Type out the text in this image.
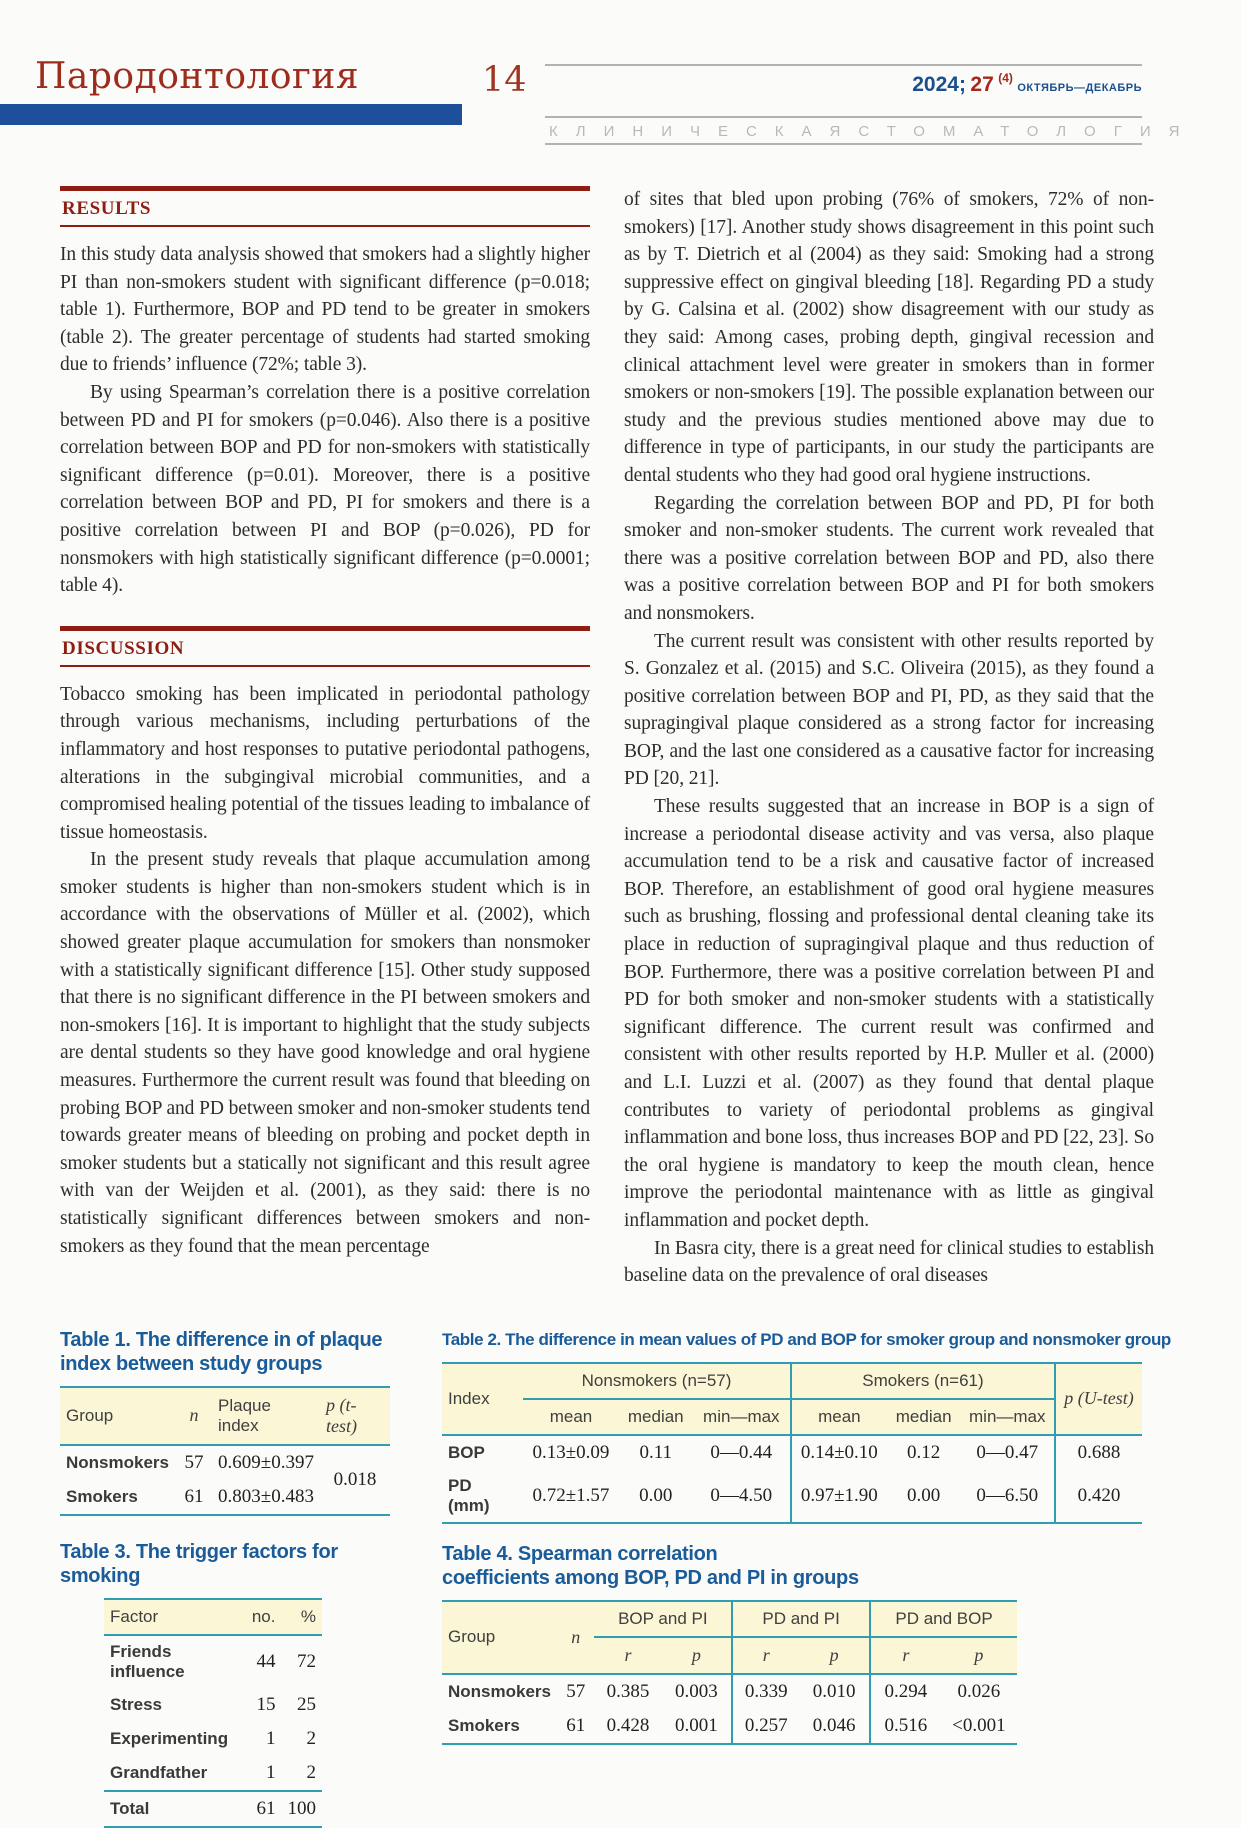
Пародонтология	14	2024; 27 $^{(4)}$ ОКТЯБРЬ—ДЕКАБРЬ
КЛИНИЧЕСКАЯ СТОМАТОЛОГИЯ
RESULTS

In this study data analysis showed that smokers had a slightly higher PI than non-smokers student with significant difference (p=0.018; table 1). Furthermore, BOP and PD tend to be greater in smokers (table 2). The greater percentage of students had started smoking due to friends’ influence (72%; table 3).

By using Spearman’s correlation there is a positive correlation between PD and PI for smokers (p=0.046). Also there is a positive correlation between BOP and PD for non-smokers with statistically significant difference (p=0.01). Moreover, there is a positive correlation between BOP and PD, PI for smokers and there is a positive correlation between PI and BOP (p=0.026), PD for nonsmokers with high statistically significant difference (p=0.0001; table 4).

DISCUSSION

Tobacco smoking has been implicated in periodontal pathology through various mechanisms, including perturbations of the inflammatory and host responses to putative periodontal pathogens, alterations in the subgingival microbial communities, and a compromised healing potential of the tissues leading to imbalance of tissue homeostasis.

In the present study reveals that plaque accumulation among smoker students is higher than non-smokers student which is in accordance with the observations of Müller et al. (2002), which showed greater plaque accumulation for smokers than nonsmoker with a statistically significant difference [15]. Other study supposed that there is no significant difference in the PI between smokers and non-smokers [16]. It is important to highlight that the study subjects are dental students so they have good knowledge and oral hygiene measures. Furthermore the current result was found that bleeding on probing BOP and PD between smoker and non-smoker students tend towards greater means of bleeding on probing and pocket depth in smoker students but a statically not significant and this result agree with van der Weijden et al. (2001), as they said: there is no statistically significant differences between smokers and non-smokers as they found that the mean percentage

of sites that bled upon probing (76% of smokers, 72% of non-smokers) [17]. Another study shows disagreement in this point such as by T. Dietrich et al (2004) as they said: Smoking had a strong suppressive effect on gingival bleeding [18]. Regarding PD a study by G. Calsina et al. (2002) show disagreement with our study as they said: Among cases, probing depth, gingival recession and clinical attachment level were greater in smokers than in former smokers or non-smokers [19]. The possible explanation between our study and the previous studies mentioned above may due to difference in type of participants, in our study the participants are dental students who they had good oral hygiene instructions.

Regarding the correlation between BOP and PD, PI for both smoker and non-smoker students. The current work revealed that there was a positive correlation between BOP and PD, also there was a positive correlation between BOP and PI for both smokers and nonsmokers.

The current result was consistent with other results reported by S. Gonzalez et al. (2015) and S.C. Oliveira (2015), as they found a positive correlation between BOP and PI, PD, as they said that the supragingival plaque considered as a strong factor for increasing BOP, and the last one considered as a causative factor for increasing PD [20, 21].

These results suggested that an increase in BOP is a sign of increase a periodontal disease activity and vas versa, also plaque accumulation tend to be a risk and causative factor of increased BOP. Therefore, an establishment of good oral hygiene measures such as brushing, flossing and professional dental cleaning take its place in reduction of supragingival plaque and thus reduction of BOP. Furthermore, there was a positive correlation between PI and PD for both smoker and non-smoker students with a statistically significant difference. The current result was confirmed and consistent with other results reported by H.P. Muller et al. (2000) and L.I. Luzzi et al. (2007) as they found that dental plaque contributes to variety of periodontal problems as gingival inflammation and bone loss, thus increases BOP and PD [22, 23]. So the oral hygiene is mandatory to keep the mouth clean, hence improve the periodontal maintenance with as little as gingival inflammation and pocket depth.

In Basra city, there is a great need for clinical studies to establish baseline data on the prevalence of oral diseases

Table 1. The difference in of plaque
index between study groups
Group	n	Plaque index	p (t-test)
Nonsmokers	57	0.609±0.397	0.018
Smokers	61	0.803±0.483	
Table 3. The trigger factors for smoking
Factor	no.	%
Friends influence	44	72
Stress	15	25
Experimenting	1	2
Grandfather	1	2
Total	61	100
Table 2. The difference in mean values of PD and BOP for smoker group and nonsmoker group
Index	Nonsmokers (n=57)			Smokers (n=61)			p (U-test)
	mean	median	min—max	mean	median	min—max	
BOP	0.13±0.09	0.11	0—0.44	0.14±0.10	0.12	0—0.47	0.688
PD (mm)	0.72±1.57	0.00	0—4.50	0.97±1.90	0.00	0—6.50	0.420
Table 4. Spearman correlation
coefficients among BOP, PD and PI in groups
Group	n	BOP and PI		PD and PI		PD and BOP	
		r	p	r	p	r	p
Nonsmokers	57	0.385	0.003	0.339	0.010	0.294	0.026
Smokers	61	0.428	0.001	0.257	0.046	0.516	<0.001
